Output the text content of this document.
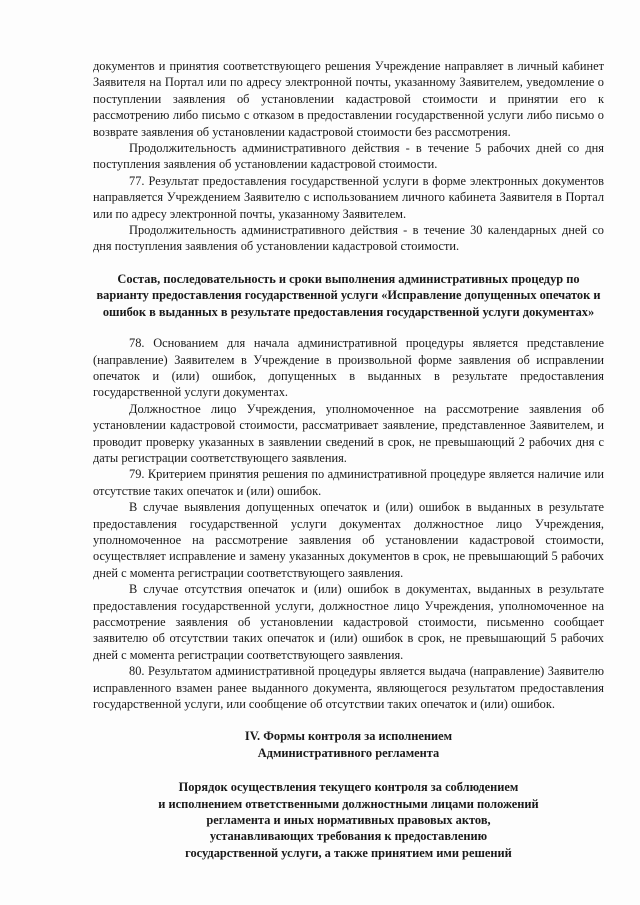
документов и принятия соответствующего решения Учреждение направляет в личный кабинет Заявителя на Портал или по адресу электронной почты, указанному Заявителем, уведомление о поступлении заявления об установлении кадастровой стоимости и принятии его к рассмотрению либо письмо с отказом в предоставлении государственной услуги либо письмо о возврате заявления об установлении кадастровой стоимости без рассмотрения.

Продолжительность административного действия - в течение 5 рабочих дней со дня поступления заявления об установлении кадастровой стоимости.

77. Результат предоставления государственной услуги в форме электронных документов направляется Учреждением Заявителю с использованием личного кабинета Заявителя в Портал или по адресу электронной почты, указанному Заявителем.

Продолжительность административного действия - в течение 30 календарных дней со дня поступления заявления об установлении кадастровой стоимости.

Состав, последовательность и сроки выполнения административных процедур по варианту предоставления государственной услуги «Исправление допущенных опечаток и ошибок в выданных в результате предоставления государственной услуги документах»

78. Основанием для начала административной процедуры является представление (направление) Заявителем в Учреждение в произвольной форме заявления об исправлении опечаток и (или) ошибок, допущенных в выданных в результате предоставления государственной услуги документах.

Должностное лицо Учреждения, уполномоченное на рассмотрение заявления об установлении кадастровой стоимости, рассматривает заявление, представленное Заявителем, и проводит проверку указанных в заявлении сведений в срок, не превышающий 2 рабочих дня с даты регистрации соответствующего заявления.

79. Критерием принятия решения по административной процедуре является наличие или отсутствие таких опечаток и (или) ошибок.

В случае выявления допущенных опечаток и (или) ошибок в выданных в результате предоставления государственной услуги документах должностное лицо Учреждения, уполномоченное на рассмотрение заявления об установлении кадастровой стоимости, осуществляет исправление и замену указанных документов в срок, не превышающий 5 рабочих дней с момента регистрации соответствующего заявления.

В случае отсутствия опечаток и (или) ошибок в документах, выданных в результате предоставления государственной услуги, должностное лицо Учреждения, уполномоченное на рассмотрение заявления об установлении кадастровой стоимости, письменно сообщает заявителю об отсутствии таких опечаток и (или) ошибок в срок, не превышающий 5 рабочих дней с момента регистрации соответствующего заявления.

80. Результатом административной процедуры является выдача (направление) Заявителю исправленного взамен ранее выданного документа, являющегося результатом предоставления государственной услуги, или сообщение об отсутствии таких опечаток и (или) ошибок.

IV. Формы контроля за исполнением

Административного регламента

Порядок осуществления текущего контроля за соблюдением

и исполнением ответственными должностными лицами положений

регламента и иных нормативных правовых актов,

устанавливающих требования к предоставлению

государственной услуги, а также принятием ими решений
